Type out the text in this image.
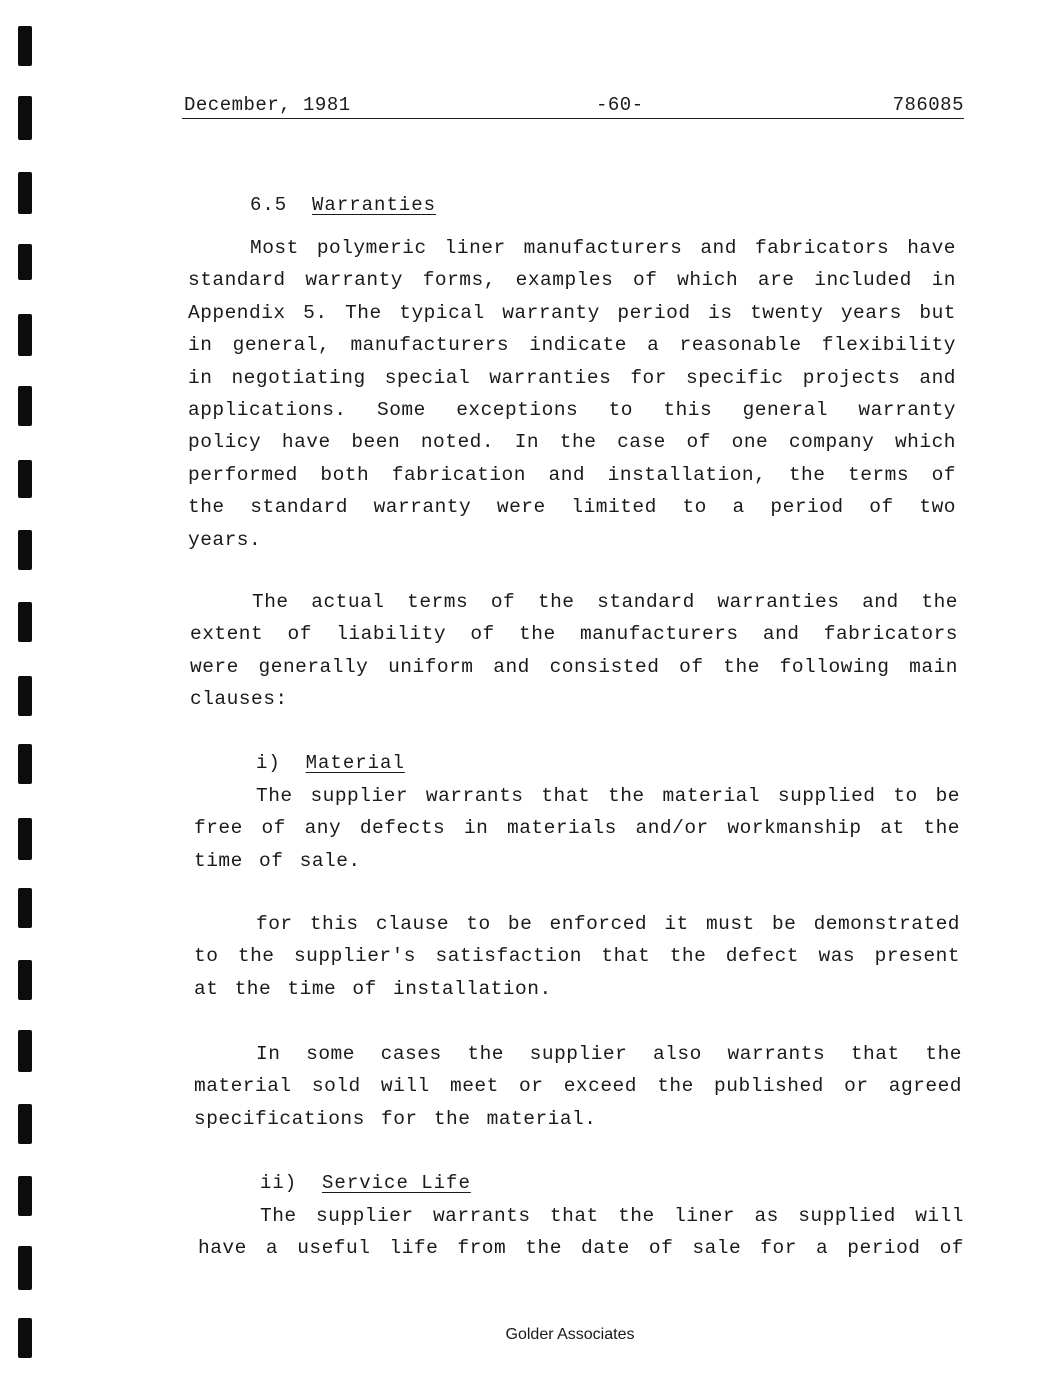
December, 1981	-60-	786085
6.5 Warranties

Most polymeric liner manufacturers and fabricators have standard warranty forms, examples of which are included in Appendix 5. The typical warranty period is twenty years but in general, manufacturers indicate a reasonable flexibility in negotiating special warranties for specific projects and applications. Some exceptions to this general warranty policy have been noted. In the case of one company which performed both fabrication and installation, the terms of the standard warranty were limited to a period of two years.

The actual terms of the standard warranties and the extent of liability of the manufacturers and fabricators were generally uniform and consisted of the following main clauses:

i) Material

The supplier warrants that the material supplied to be free of any defects in materials and/or workmanship at the time of sale.

for this clause to be enforced it must be demonstrated to the supplier's satisfaction that the defect was present at the time of installation.

In some cases the supplier also warrants that the material sold will meet or exceed the published or agreed specifications for the material.

ii) Service Life

The supplier warrants that the liner as supplied will have a useful life from the date of sale for a period of

Golder Associates
